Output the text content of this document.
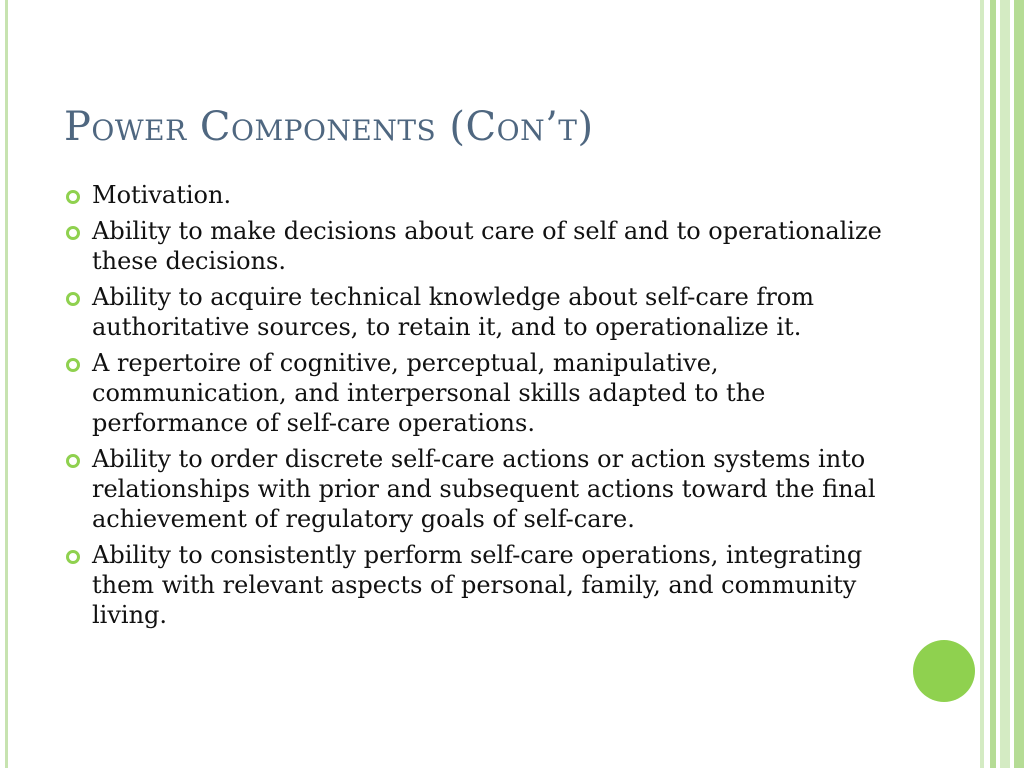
Power Components (Con’t)
Motivation.
Ability to make decisions about care of self and to operationalize these decisions.
Ability to acquire technical knowledge about self-care from authoritative sources, to retain it, and to operationalize it.
A repertoire of cognitive, perceptual, manipulative, communication, and interpersonal skills adapted to the performance of self-care operations.
Ability to order discrete self-care actions or action systems into relationships with prior and subsequent actions toward the final achievement of regulatory goals of self-care.
Ability to consistently perform self-care operations, integrating them with relevant aspects of personal, family, and community living.
